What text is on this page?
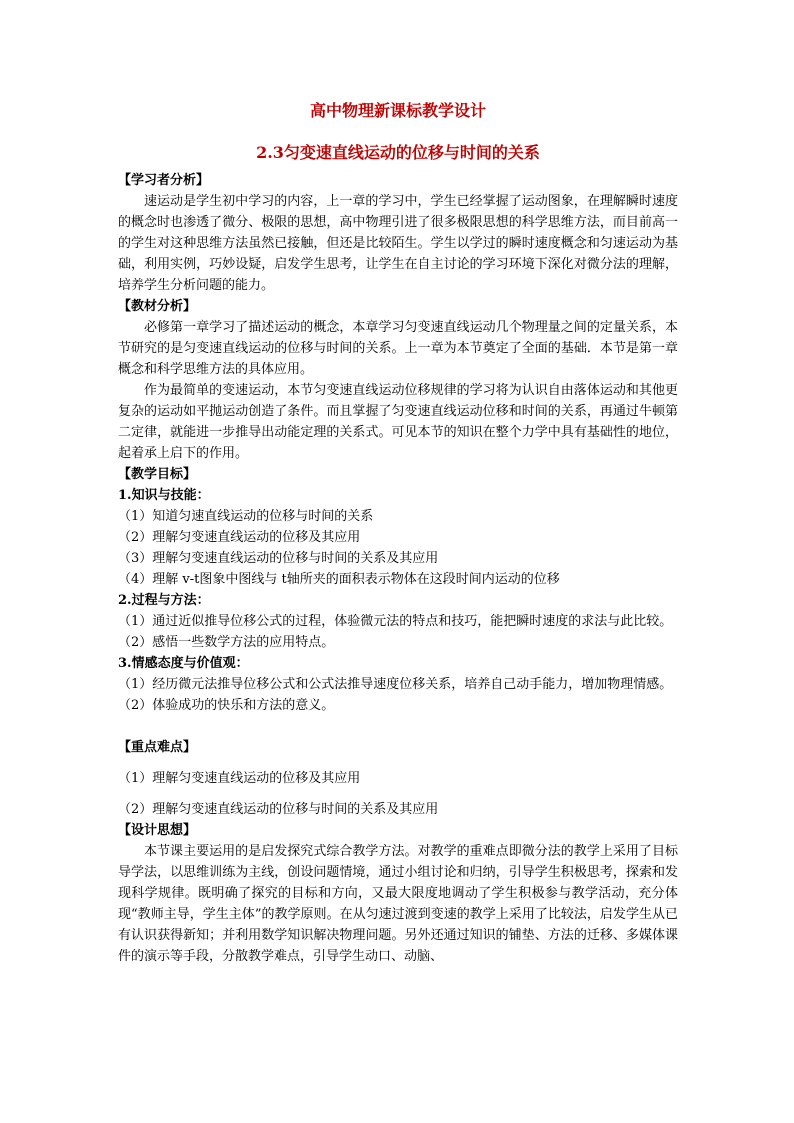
高中物理新课标教学设计

2.3匀变速直线运动的位移与时间的关系

【学习者分析】

速运动是学生初中学习的内容，上一章的学习中，学生已经掌握了运动图象，在理解瞬时速度的概念时也渗透了微分、极限的思想，高中物理引进了很多极限思想的科学思维方法，而目前高一的学生对这种思维方法虽然已接触，但还是比较陌生。学生以学过的瞬时速度概念和匀速运动为基础，利用实例，巧妙设疑，启发学生思考，让学生在自主讨论的学习环境下深化对微分法的理解，培养学生分析问题的能力。

【教材分析】

必修第一章学习了描述运动的概念，本章学习匀变速直线运动几个物理量之间的定量关系，本节研究的是匀变速直线运动的位移与时间的关系。上一章为本节奠定了全面的基础．本节是第一章概念和科学思维方法的具体应用。

作为最简单的变速运动，本节匀变速直线运动位移规律的学习将为认识自由落体运动和其他更复杂的运动如平抛运动创造了条件。而且掌握了匀变速直线运动位移和时间的关系，再通过牛顿第二定律，就能进一步推导出动能定理的关系式。可见本节的知识在整个力学中具有基础性的地位，起着承上启下的作用。

【教学目标】

1.知识与技能：

（1）知道匀速直线运动的位移与时间的关系

（2）理解匀变速直线运动的位移及其应用

（3）理解匀变速直线运动的位移与时间的关系及其应用

（4）理解 v-t图象中图线与 t轴所夹的面积表示物体在这段时间内运动的位移

2.过程与方法：

（1）通过近似推导位移公式的过程，体验微元法的特点和技巧，能把瞬时速度的求法与此比较。

（2）感悟一些数学方法的应用特点。

3.情感态度与价值观：

（1）经历微元法推导位移公式和公式法推导速度位移关系，培养自己动手能力，增加物理情感。

（2）体验成功的快乐和方法的意义。

【重点难点】

（1）理解匀变速直线运动的位移及其应用

（2）理解匀变速直线运动的位移与时间的关系及其应用

【设计思想】

本节课主要运用的是启发探究式综合教学方法。对教学的重难点即微分法的教学上采用了目标导学法，以思维训练为主线，创设问题情境，通过小组讨论和归纳，引导学生积极思考，探索和发现科学规律。既明确了探究的目标和方向，又最大限度地调动了学生积极参与教学活动，充分体现“教师主导，学生主体”的教学原则。在从匀速过渡到变速的教学上采用了比较法，启发学生从已有认识获得新知；并利用数学知识解决物理问题。另外还通过知识的铺垫、方法的迁移、多媒体课件的演示等手段，分散教学难点，引导学生动口、动脑、
